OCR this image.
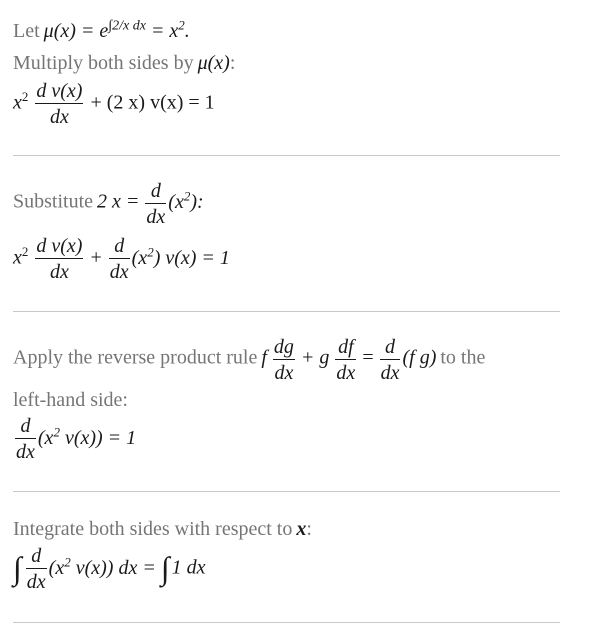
Let $\mu(x) = e^{\int 2/x dx} = x^2$.
Multiply both sides by μ(x):
$x^2 \frac{\text{d v(x)}}{dx} + (2$ x) v(x) = 1
Substitute 2 $x = \frac{d}{dx} (x^2)$:
$x^2 \frac{\text{d v(x)}}{dx} + \frac{d}{dx} (x^2) v(x) = 1$
Apply the reverse product rule f $\frac{dg}{dx} + g \frac{df}{dx} = \frac{d}{dx} (f$ g) to the
left-hand side:
$\frac{d}{dx} (x^2$ v(x)) = 1
Integrate both sides with respect to x:
∫ $\frac{d}{dx} (x^2$ v(x)) dx = ∫ 1 dx
